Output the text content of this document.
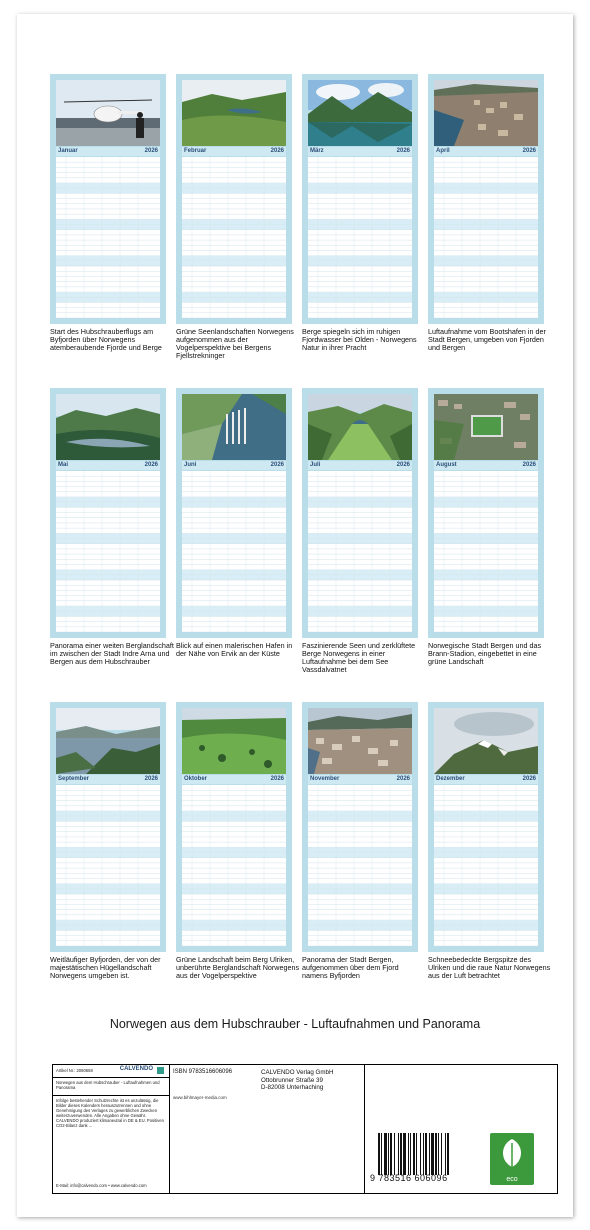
Januar	2026
Start des Hubschrauberflugs am Byfjorden über Norwegens atemberaubende Fjorde und Berge
Februar	2026
Grüne Seenlandschaften Norwegens aufgenommen aus der Vogelperspektive bei Bergens Fjellstrekninger
März	2026
Berge spiegeln sich im ruhigen Fjordwasser bei Olden - Norwegens Natur in ihrer Pracht
April	2026
Luftaufnahme vom Bootshafen in der Stadt Bergen, umgeben von Fjorden und Bergen
Mai	2026
Panorama einer weiten Berglandschaft im zwischen der Stadt Indre Arna und Bergen aus dem Hubschrauber
Juni	2026
Blick auf einen malerischen Hafen in der Nähe von Ervik an der Küste
Juli	2026
Faszinierende Seen und zerklüftete Berge Norwegens in einer Luftaufnahme bei dem See Vassdalvatnet
August	2026
Norwegische Stadt Bergen und das Brann-Stadion, eingebettet in eine grüne Landschaft
September	2026
Weitläufiger Byfjorden, der von der majestätischen Hügellandschaft Norwegens umgeben ist.
Oktober	2026
Grüne Landschaft beim Berg Ulriken, unberührte Berglandschaft Norwegens aus der Vogelperspektive
November	2026
Panorama der Stadt Bergen, aufgenommen über dem Fjord namens Byfjorden
Dezember	2026
Schneebedeckte Bergspitze des Ulriken und die raue Natur Norwegens aus der Luft betrachtet
Norwegen aus dem Hubschrauber - Luftaufnahmen und Panorama
Artikel Nr.: 2080668	CALVENDO
Norwegen aus dem Hubschrauber - Luftaufnahmen und Panorama
Infolge bestehender Schutzrechte ist es unzulässig, die Bilder dieses Kalenders herauszutrennen und ohne Genehmigung des Verlages zu gewerblichen Zwecken weiterzuverwenden. Alle Angaben ohne Gewähr. CALVENDO produziert klimaneutral in DE & EU. Positiven CO2-Bilanz dank ...
E-Mail: info@calvendo.com • www.calvendo.com
ISBN 9783516606096	CALVENDO Verlag GmbH
Ottobrunner Straße 39
D-82008 Unterhaching
www.bihlmayer-media.com
9 783516 606096	eco
